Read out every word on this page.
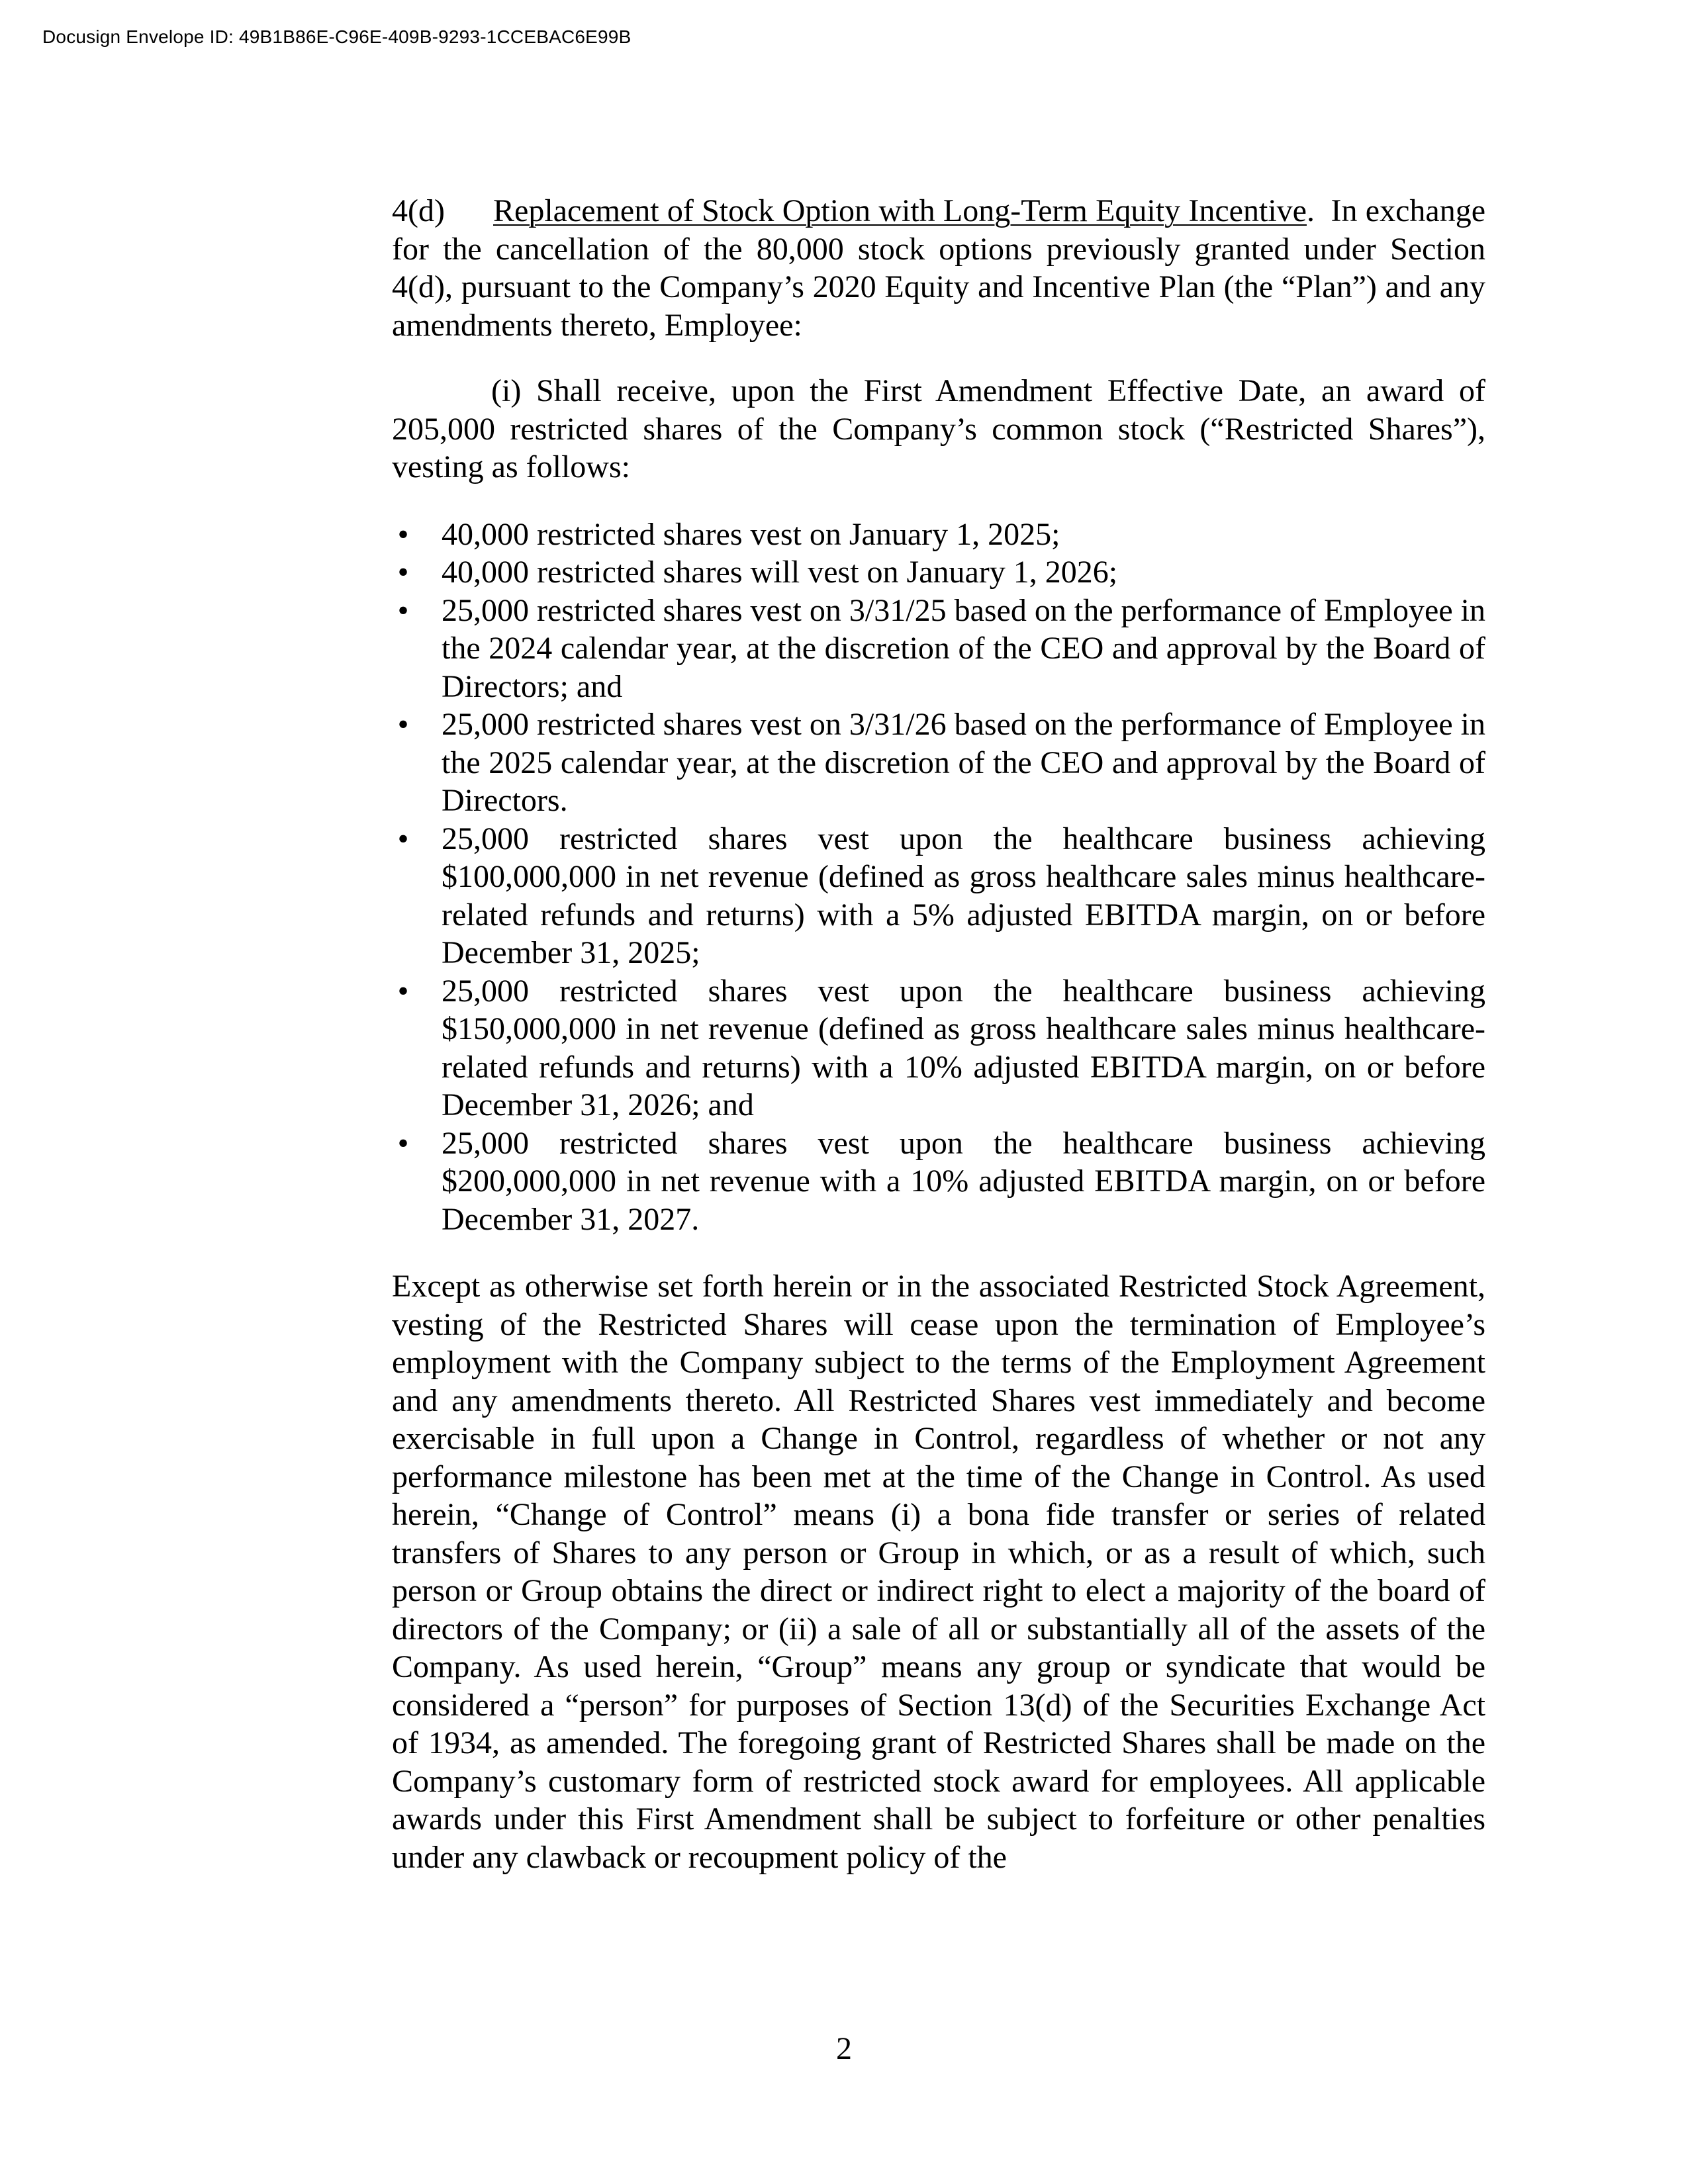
Docusign Envelope ID: 49B1B86E-C96E-409B-9293-1CCEBAC6E99B

4(d) Replacement of Stock Option with Long-Term Equity Incentive. In exchange for the cancellation of the 80,000 stock options previously granted under Section 4(d), pursuant to the Company’s 2020 Equity and Incentive Plan (the “Plan”) and any amendments thereto, Employee:

(i) Shall receive, upon the First Amendment Effective Date, an award of 205,000 restricted shares of the Company’s common stock (“Restricted Shares”), vesting as follows:

• 40,000 restricted shares vest on January 1, 2025;
• 40,000 restricted shares will vest on January 1, 2026;
• 25,000 restricted shares vest on 3/31/25 based on the performance of Employee in the 2024 calendar year, at the discretion of the CEO and approval by the Board of Directors; and
• 25,000 restricted shares vest on 3/31/26 based on the performance of Employee in the 2025 calendar year, at the discretion of the CEO and approval by the Board of Directors.
• 25,000 restricted shares vest upon the healthcare business achieving $100,000,000 in net revenue (defined as gross healthcare sales minus healthcare-related refunds and returns) with a 5% adjusted EBITDA margin, on or before December 31, 2025;
• 25,000 restricted shares vest upon the healthcare business achieving $150,000,000 in net revenue (defined as gross healthcare sales minus healthcare-related refunds and returns) with a 10% adjusted EBITDA margin, on or before December 31, 2026; and
• 25,000 restricted shares vest upon the healthcare business achieving $200,000,000 in net revenue with a 10% adjusted EBITDA margin, on or before December 31, 2027.

Except as otherwise set forth herein or in the associated Restricted Stock Agreement, vesting of the Restricted Shares will cease upon the termination of Employee’s employment with the Company subject to the terms of the Employment Agreement and any amendments thereto. All Restricted Shares vest immediately and become exercisable in full upon a Change in Control, regardless of whether or not any performance milestone has been met at the time of the Change in Control. As used herein, “Change of Control” means (i) a bona fide transfer or series of related transfers of Shares to any person or Group in which, or as a result of which, such person or Group obtains the direct or indirect right to elect a majority of the board of directors of the Company; or (ii) a sale of all or substantially all of the assets of the Company. As used herein, “Group” means any group or syndicate that would be considered a “person” for purposes of Section 13(d) of the Securities Exchange Act of 1934, as amended. The foregoing grant of Restricted Shares shall be made on the Company’s customary form of restricted stock award for employees. All applicable awards under this First Amendment shall be subject to forfeiture or other penalties under any clawback or recoupment policy of the

2
